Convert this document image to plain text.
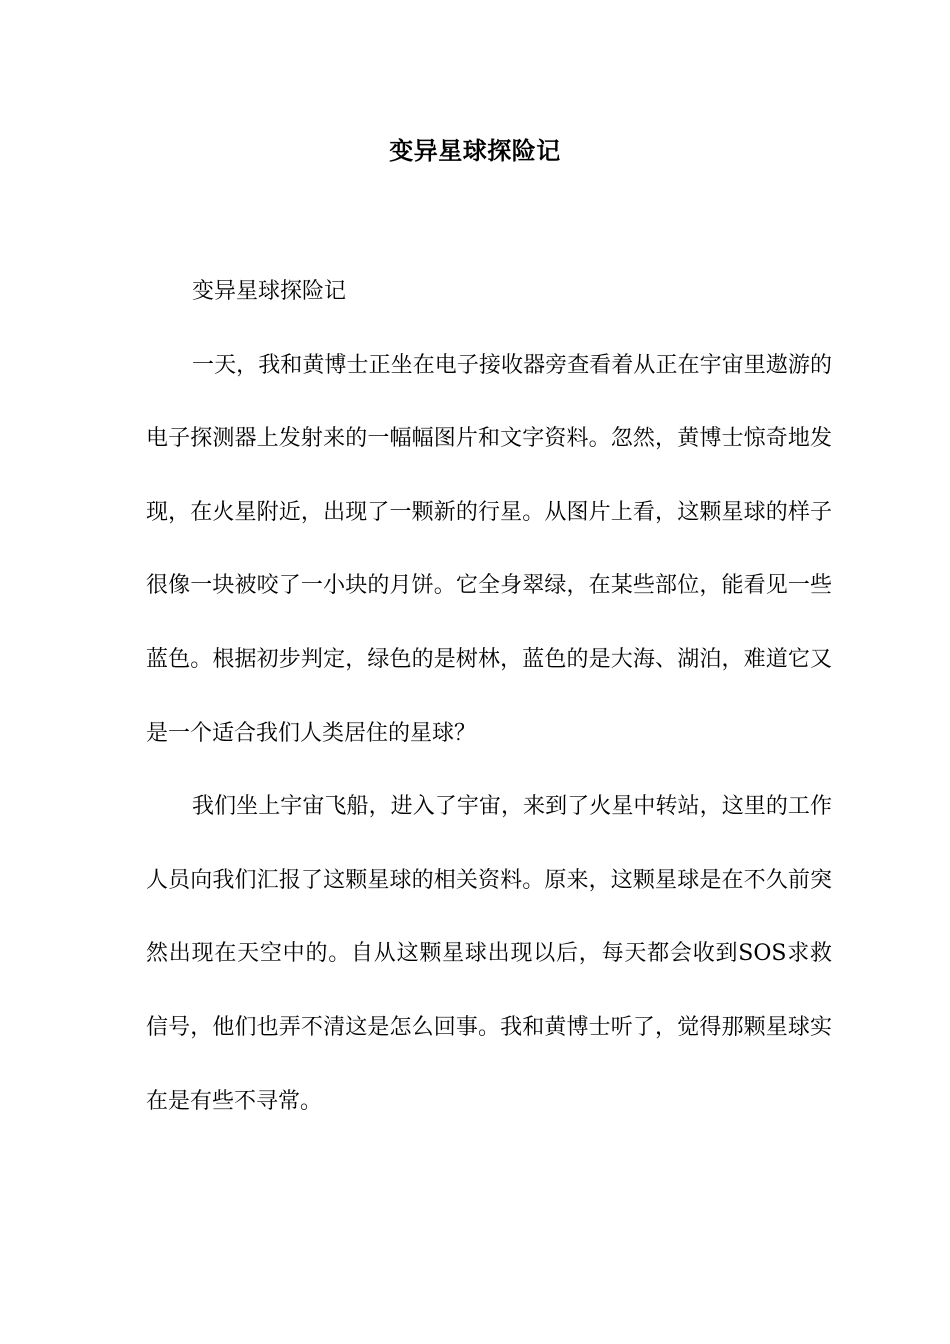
变异星球探险记

变异星球探险记

一天，我和黄博士正坐在电子接收器旁查看着从正在宇宙里遨游的电子探测器上发射来的一幅幅图片和文字资料。忽然，黄博士惊奇地发现，在火星附近，出现了一颗新的行星。从图片上看，这颗星球的样子很像一块被咬了一小块的月饼。它全身翠绿，在某些部位，能看见一些蓝色。根据初步判定，绿色的是树林，蓝色的是大海、湖泊，难道它又是一个适合我们人类居住的星球？

我们坐上宇宙飞船，进入了宇宙，来到了火星中转站，这里的工作人员向我们汇报了这颗星球的相关资料。原来，这颗星球是在不久前突然出现在天空中的。自从这颗星球出现以后，每天都会收到SOS求救信号，他们也弄不清这是怎么回事。我和黄博士听了，觉得那颗星球实在是有些不寻常。
